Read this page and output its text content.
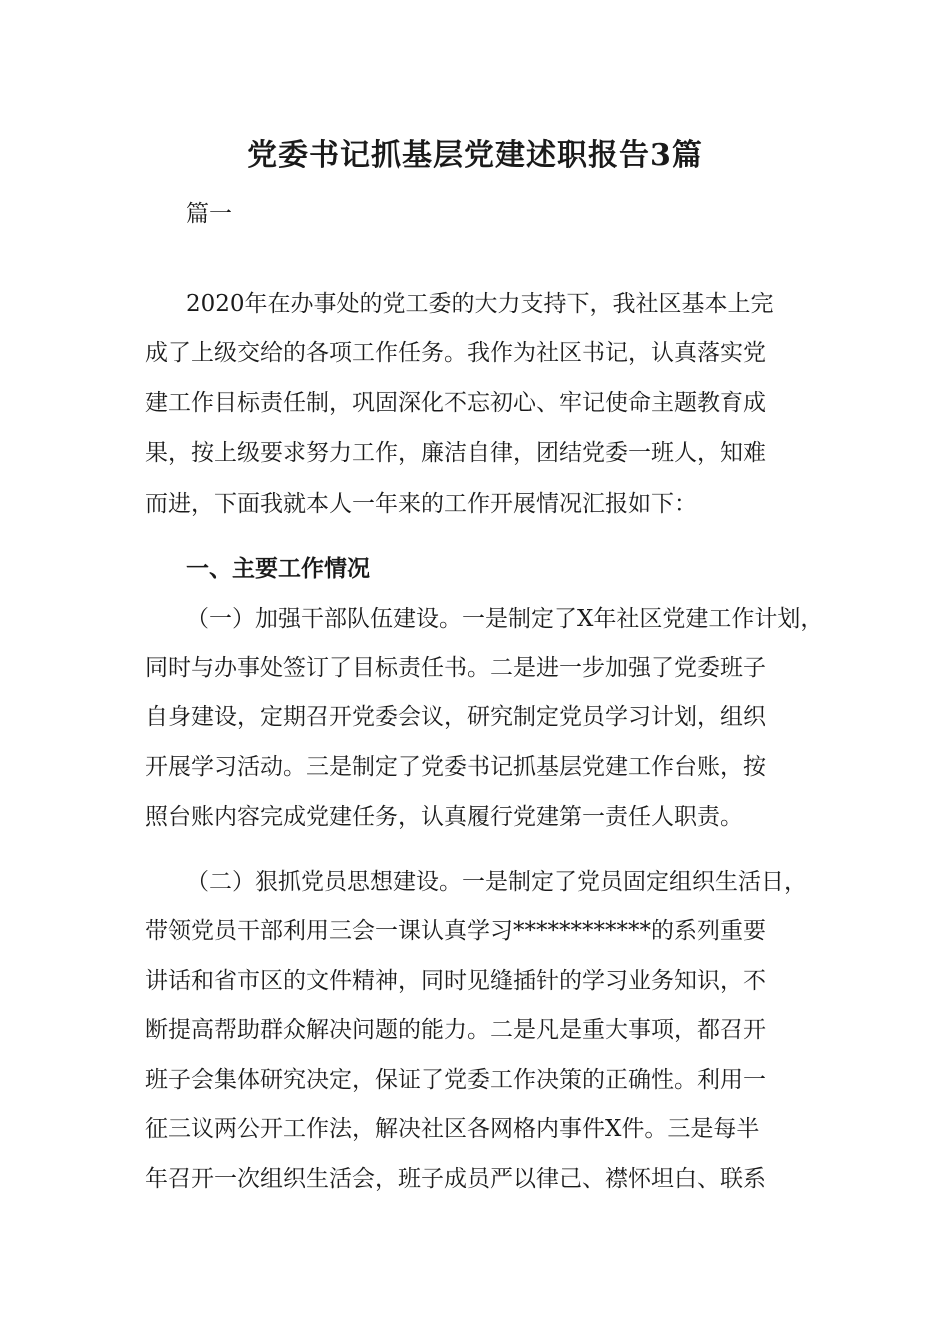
党委书记抓基层党建述职报告3篇

篇一

2020年在办事处的党工委的大力支持下，我社区基本上完

成了上级交给的各项工作任务。我作为社区书记，认真落实党

建工作目标责任制，巩固深化不忘初心、牢记使命主题教育成

果，按上级要求努力工作，廉洁自律，团结党委一班人，知难

而进，下面我就本人一年来的工作开展情况汇报如下：

一、主要工作情况

（一）加强干部队伍建设。一是制定了X年社区党建工作计划，

同时与办事处签订了目标责任书。二是进一步加强了党委班子

自身建设，定期召开党委会议，研究制定党员学习计划，组织

开展学习活动。三是制定了党委书记抓基层党建工作台账，按

照台账内容完成党建任务，认真履行党建第一责任人职责。

（二）狠抓党员思想建设。一是制定了党员固定组织生活日，

带领党员干部利用三会一课认真学习************的系列重要

讲话和省市区的文件精神，同时见缝插针的学习业务知识，不

断提高帮助群众解决问题的能力。二是凡是重大事项，都召开

班子会集体研究决定，保证了党委工作决策的正确性。利用一

征三议两公开工作法，解决社区各网格内事件X件。三是每半

年召开一次组织生活会，班子成员严以律己、襟怀坦白、联系
